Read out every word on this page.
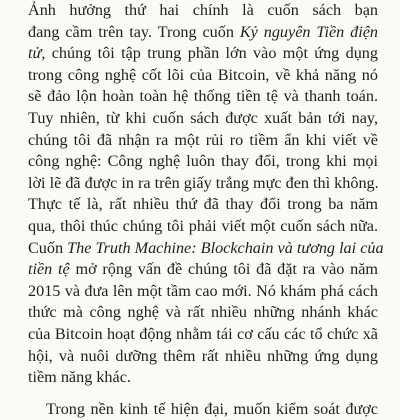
Ảnh hưởng thứ hai chính là cuốn sách bạn
đang cầm trên tay. Trong cuốn Kỷ nguyên Tiền điện
tử, chúng tôi tập trung phần lớn vào một ứng dụng
trong công nghệ cốt lõi của Bitcoin, về khả năng nó
sẽ đảo lộn hoàn toàn hệ thống tiền tệ và thanh toán.
Tuy nhiên, từ khi cuốn sách được xuất bản tới nay,
chúng tôi đã nhận ra một rủi ro tiềm ẩn khi viết về
công nghệ: Công nghệ luôn thay đổi, trong khi mọi
lời lẽ đã được in ra trên giấy trắng mực đen thì không.
Thực tế là, rất nhiều thứ đã thay đổi trong ba năm
qua, thôi thúc chúng tôi phải viết một cuốn sách nữa.
Cuốn The Truth Machine: Blockchain và tương lai của
tiền tệ mở rộng vấn đề chúng tôi đã đặt ra vào năm
2015 và đưa lên một tầm cao mới. Nó khám phá cách
thức mà công nghệ và rất nhiều những nhánh khác
của Bitcoin hoạt động nhằm tái cơ cấu các tổ chức xã
hội, và nuôi dưỡng thêm rất nhiều những ứng dụng
tiềm năng khác.
Trong nền kinh tế hiện đại, muốn kiểm soát được
